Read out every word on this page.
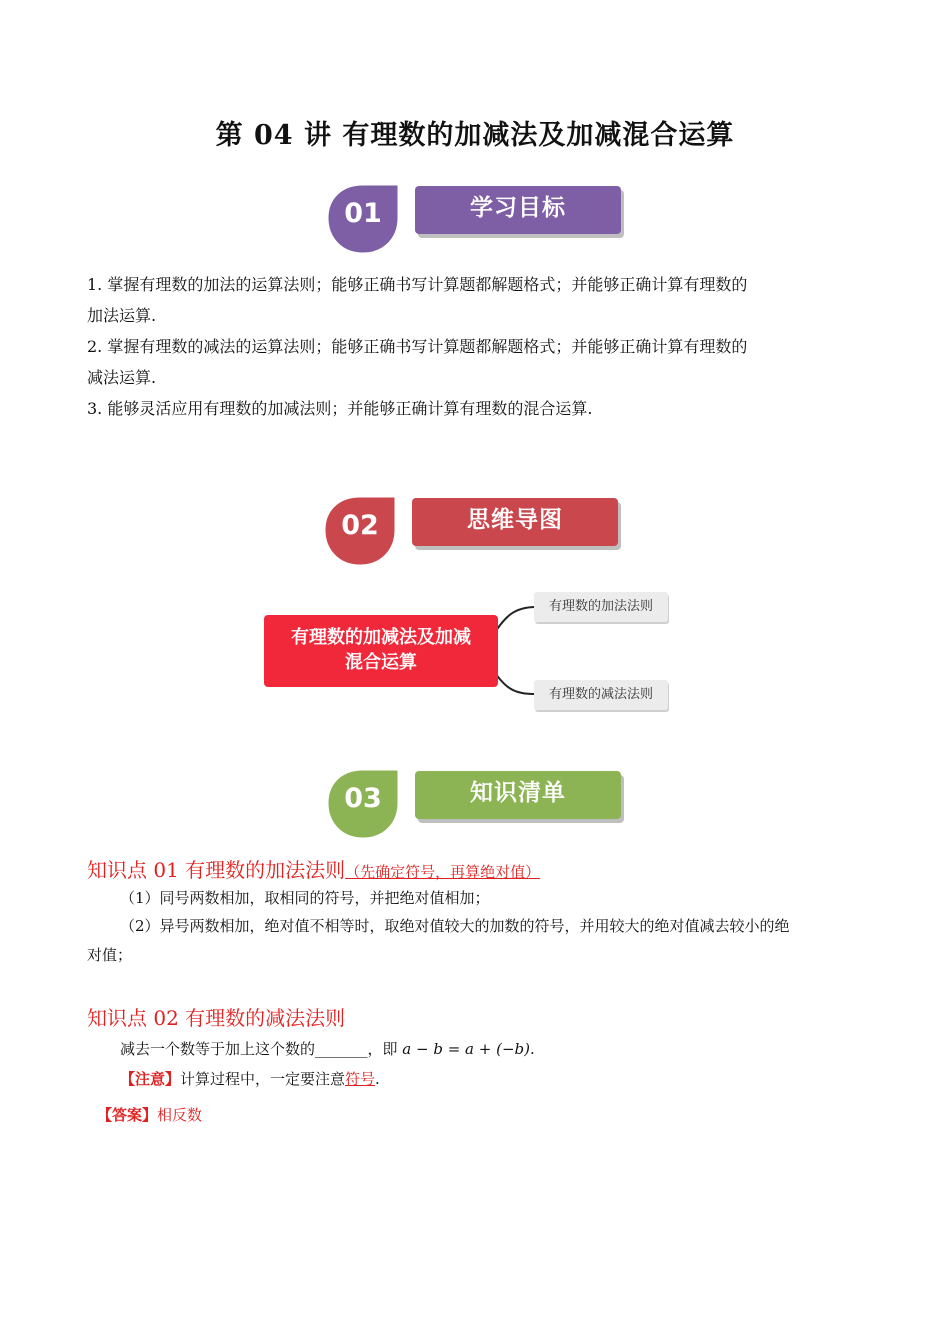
第 04 讲 有理数的加减法及加减混合运算
01	学习目标
1. 掌握有理数的加法的运算法则；能够正确书写计算题都解题格式；并能够正确计算有理数的
加法运算.
2. 掌握有理数的减法的运算法则；能够正确书写计算题都解题格式；并能够正确计算有理数的
减法运算.
3. 能够灵活应用有理数的加减法则；并能够正确计算有理数的混合运算.
02	思维导图
有理数的加减法及加减
混合运算
有理数的加法法则
有理数的减法法则
03	知识清单
知识点 01 有理数的加法法则（先确定符号，再算绝对值）
（1）同号两数相加，取相同的符号，并把绝对值相加；
（2）异号两数相加，绝对值不相等时，取绝对值较大的加数的符号，并用较大的绝对值减去较小的绝
对值；
知识点 02 有理数的减法法则
减去一个数等于加上这个数的_______，即 a − b = a + (−b).
【注意】计算过程中，一定要注意符号.
【答案】相反数
